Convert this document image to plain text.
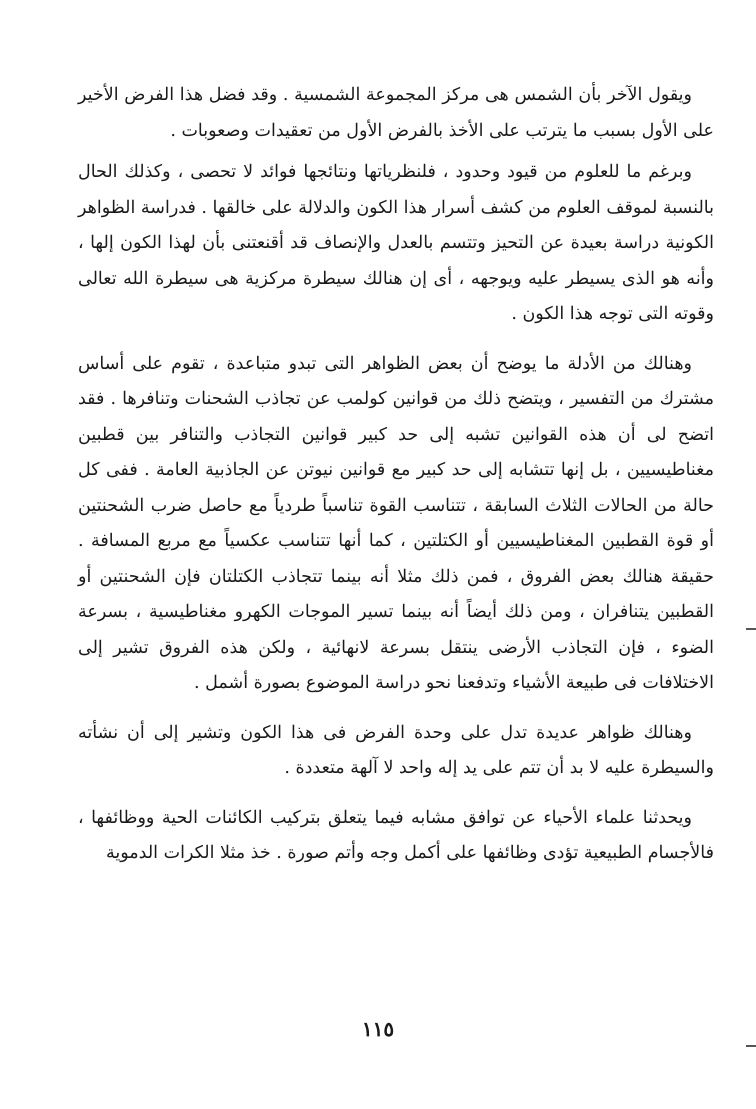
ويقول الآخر بأن الشمس هى مركز المجموعة الشمسية . وقد فضل هذا الفرض الأخير على الأول بسبب ما يترتب على الأخذ بالفرض الأول من تعقيدات وصعوبات .

وبرغم ما للعلوم من قيود وحدود ، فلنظرياتها ونتائجها فوائد لا تحصى ، وكذلك الحال بالنسبة لموقف العلوم من كشف أسرار هذا الكون والدلالة على خالقها . فدراسة الظواهر الكونية دراسة بعيدة عن التحيز وتتسم بالعدل والإنصاف قد أقنعتنى بأن لهذا الكون إلها ، وأنه هو الذى يسيطر عليه ويوجهه ، أى إن هنالك سيطرة مركزية هى سيطرة الله تعالى وقوته التى توجه هذا الكون .

وهنالك من الأدلة ما يوضح أن بعض الظواهر التى تبدو متباعدة ، تقوم على أساس مشترك من التفسير ، ويتضح ذلك من قوانين كولمب عن تجاذب الشحنات وتنافرها . فقد اتضح لى أن هذه القوانين تشبه إلى حد كبير قوانين التجاذب والتنافر بين قطبين مغناطيسيين ، بل إنها تتشابه إلى حد كبير مع قوانين نيوتن عن الجاذبية العامة . ففى كل حالة من الحالات الثلاث السابقة ، تتناسب القوة تناسباً طردياً مع حاصل ضرب الشحنتين أو قوة القطبين المغناطيسيين أو الكتلتين ، كما أنها تتناسب عكسياً مع مربع المسافة . حقيقة هنالك بعض الفروق ، فمن ذلك مثلا أنه بينما تتجاذب الكتلتان فإن الشحنتين أو القطبين يتنافران ، ومن ذلك أيضاً أنه بينما تسير الموجات الكهرو مغناطيسية ، بسرعة الضوء ، فإن التجاذب الأرضى ينتقل بسرعة لانهائية ، ولكن هذه الفروق تشير إلى الاختلافات فى طبيعة الأشياء وتدفعنا نحو دراسة الموضوع بصورة أشمل .

وهنالك ظواهر عديدة تدل على وحدة الفرض فى هذا الكون وتشير إلى أن نشأته والسيطرة عليه لا بد أن تتم على يد إله واحد لا آلهة متعددة .

ويحدثنا علماء الأحياء عن توافق مشابه فيما يتعلق بتركيب الكائنات الحية ووظائفها ، فالأجسام الطبيعية تؤدى وظائفها على أكمل وجه وأتم صورة . خذ مثلا الكرات الدموية

١١٥
